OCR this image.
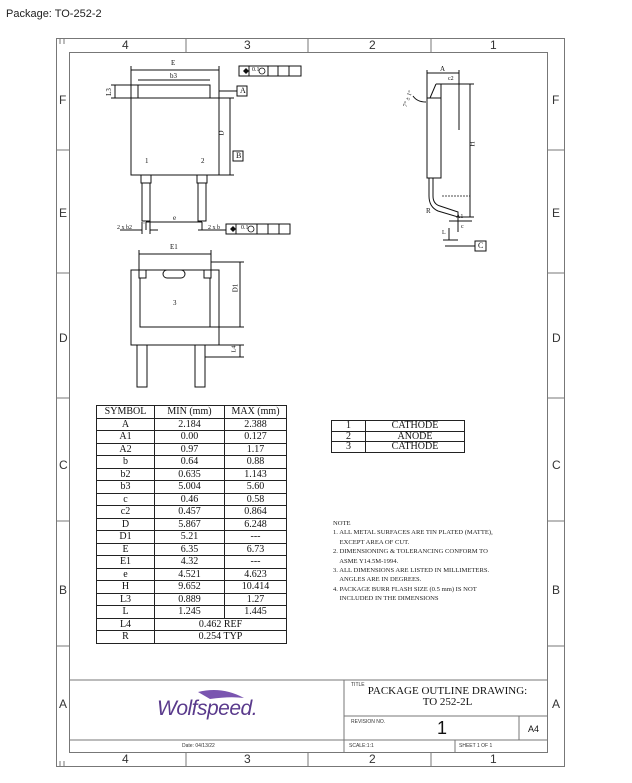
Package: TO-252-2
4	3	2	1
4	3	2	1
F
E
D
C
B
A
F
E
D
C
B
A
E
b3
L3
D
A
B
1	2
3
2 x b2
e
2 x b	0.1
0.1
E1
D1
L4
A
c2
H
7° ± 1°
R
A1
c
L
C
SYMBOL	MIN (mm)	MAX (mm)
A	2.184	2.388
A1	0.00	0.127
A2	0.97	1.17
b	0.64	0.88
b2	0.635	1.143
b3	5.004	5.60
c	0.46	0.58
c2	0.457	0.864
D	5.867	6.248
D1	5.21	---
E	6.35	6.73
E1	4.32	---
e	4.521	4.623
H	9.652	10.414
L3	0.889	1.27
L	1.245	1.445
L4	0.462 REF	
R	0.254 TYP	
1	CATHODE
2	ANODE
3	CATHODE
NOTE
1. ALL METAL SURFACES ARE TIN PLATED (MATTE),
EXCEPT AREA OF CUT.
2. DIMENSIONING & TOLERANCING CONFORM TO
ASME Y14.5M-1994.
3. ALL DIMENSIONS ARE LISTED IN MILLIMETERS.
ANGLES ARE IN DEGREES.
4. PACKAGE BURR FLASH SIZE (0.5 mm) IS NOT
INCLUDED IN THE DIMENSIONS
Wolfspeed.
TITLE PACKAGE OUTLINE DRAWING:
TO 252-2L
REVISION NO.	1	A4
Date: 04/13/22	SCALE:1:1	SHEET 1 OF 1
